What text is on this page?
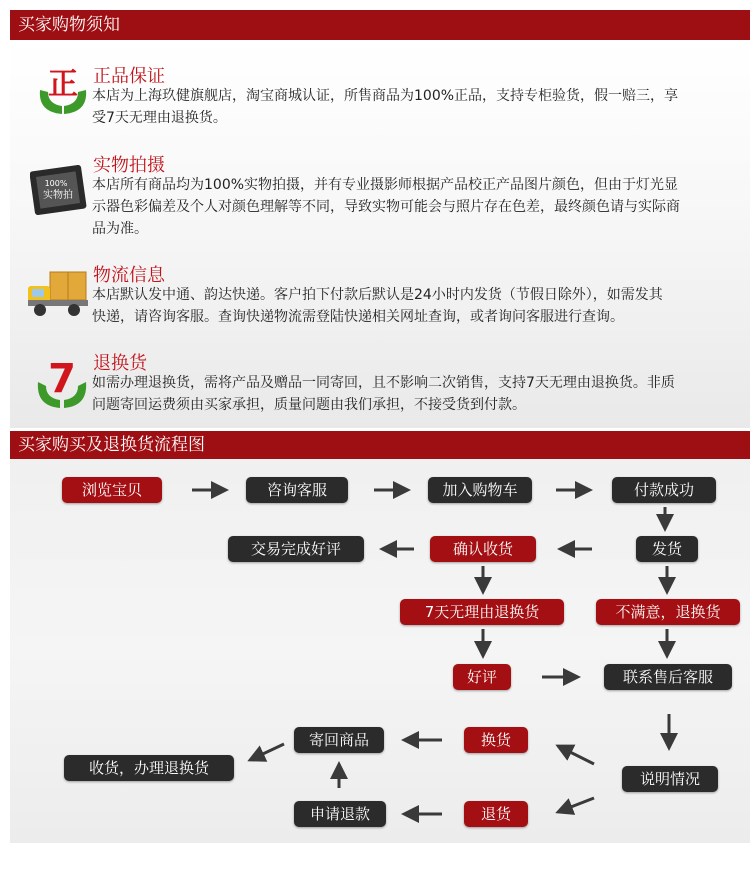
买家购物须知
正 正品保证
本店为上海玖健旗舰店，淘宝商城认证，所售商品为100%正品，支持专柜验货，假一赔三，享
受7天无理由退换货。
100%
实物拍
实物拍摄
本店所有商品均为100%实物拍摄，并有专业摄影师根据产品校正产品图片颜色，但由于灯光显
示器色彩偏差及个人对颜色理解等不同，导致实物可能会与照片存在色差，最终颜色请与实际商
品为准。
物流信息
本店默认发中通、韵达快递。客户拍下付款后默认是24小时内发货（节假日除外），如需发其
快递，请咨询客服。查询快递物流需登陆快递相关网址查询，或者询问客服进行查询。
7 退换货
如需办理退换货，需将产品及赠品一同寄回，且不影响二次销售，支持7天无理由退换货。非质
问题寄回运费须由买家承担，质量问题由我们承担，不接受货到付款。
买家购买及退换货流程图
浏览宝贝	咨询客服	加入购物车	付款成功
交易完成好评	确认收货	发货
7天无理由退换货	不满意，退换货
好评	联系售后客服
寄回商品	换货
收货，办理退换货
说明情况
申请退款	退货
